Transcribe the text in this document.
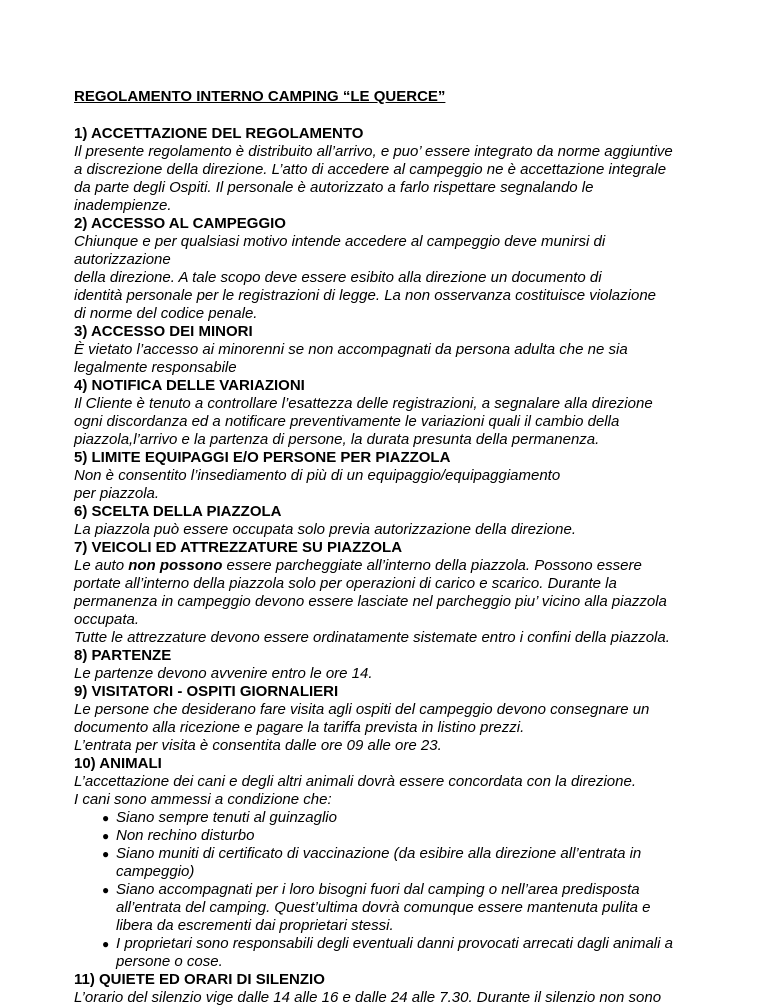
REGOLAMENTO INTERNO CAMPING “LE QUERCE”
1) ACCETTAZIONE DEL REGOLAMENTO
Il presente regolamento è distribuito all’arrivo, e puo’ essere integrato da norme aggiuntive
a discrezione della direzione. L’atto di accedere al campeggio ne è accettazione integrale
da parte degli Ospiti. Il personale è autorizzato a farlo rispettare segnalando le
inadempienze.
2) ACCESSO AL CAMPEGGIO
Chiunque e per qualsiasi motivo intende accedere al campeggio deve munirsi di
autorizzazione
della direzione. A tale scopo deve essere esibito alla direzione un documento di
identità personale per le registrazioni di legge. La non osservanza costituisce violazione
di norme del codice penale.
3) ACCESSO DEI MINORI
È vietato l’accesso ai minorenni se non accompagnati da persona adulta che ne sia
legalmente responsabile
4) NOTIFICA DELLE VARIAZIONI
Il Cliente è tenuto a controllare l’esattezza delle registrazioni, a segnalare alla direzione
ogni discordanza ed a notificare preventivamente le variazioni quali il cambio della
piazzola,l’arrivo e la partenza di persone, la durata presunta della permanenza.
5) LIMITE EQUIPAGGI E/O PERSONE PER PIAZZOLA
Non è consentito l’insediamento di più di un equipaggio/equipaggiamento
per piazzola.
6) SCELTA DELLA PIAZZOLA
La piazzola può essere occupata solo previa autorizzazione della direzione.
7) VEICOLI ED ATTREZZATURE SU PIAZZOLA
Le auto non possono essere parcheggiate all’interno della piazzola. Possono essere
portate all’interno della piazzola solo per operazioni di carico e scarico. Durante la
permanenza in campeggio devono essere lasciate nel parcheggio piu’ vicino alla piazzola
occupata.
Tutte le attrezzature devono essere ordinatamente sistemate entro i confini della piazzola.
8) PARTENZE
Le partenze devono avvenire entro le ore 14.
9) VISITATORI - OSPITI GIORNALIERI
Le persone che desiderano fare visita agli ospiti del campeggio devono consegnare un
documento alla ricezione e pagare la tariffa prevista in listino prezzi.
L’entrata per visita è consentita dalle ore 09 alle ore 23.
10) ANIMALI
L’accettazione dei cani e degli altri animali dovrà essere concordata con la direzione.
I cani sono ammessi a condizione che:
● Siano sempre tenuti al guinzaglio
● Non rechino disturbo
● Siano muniti di certificato di vaccinazione (da esibire alla direzione all’entrata in
campeggio)
● Siano accompagnati per i loro bisogni fuori dal camping o nell’area predisposta
all’entrata del camping. Quest’ultima dovrà comunque essere mantenuta pulita e
libera da escrementi dai proprietari stessi.
● I proprietari sono responsabili degli eventuali danni provocati arrecati dagli animali a
persone o cose.
11) QUIETE ED ORARI DI SILENZIO
L’orario del silenzio vige dalle 14 alle 16 e dalle 24 alle 7.30. Durante il silenzio non sono
